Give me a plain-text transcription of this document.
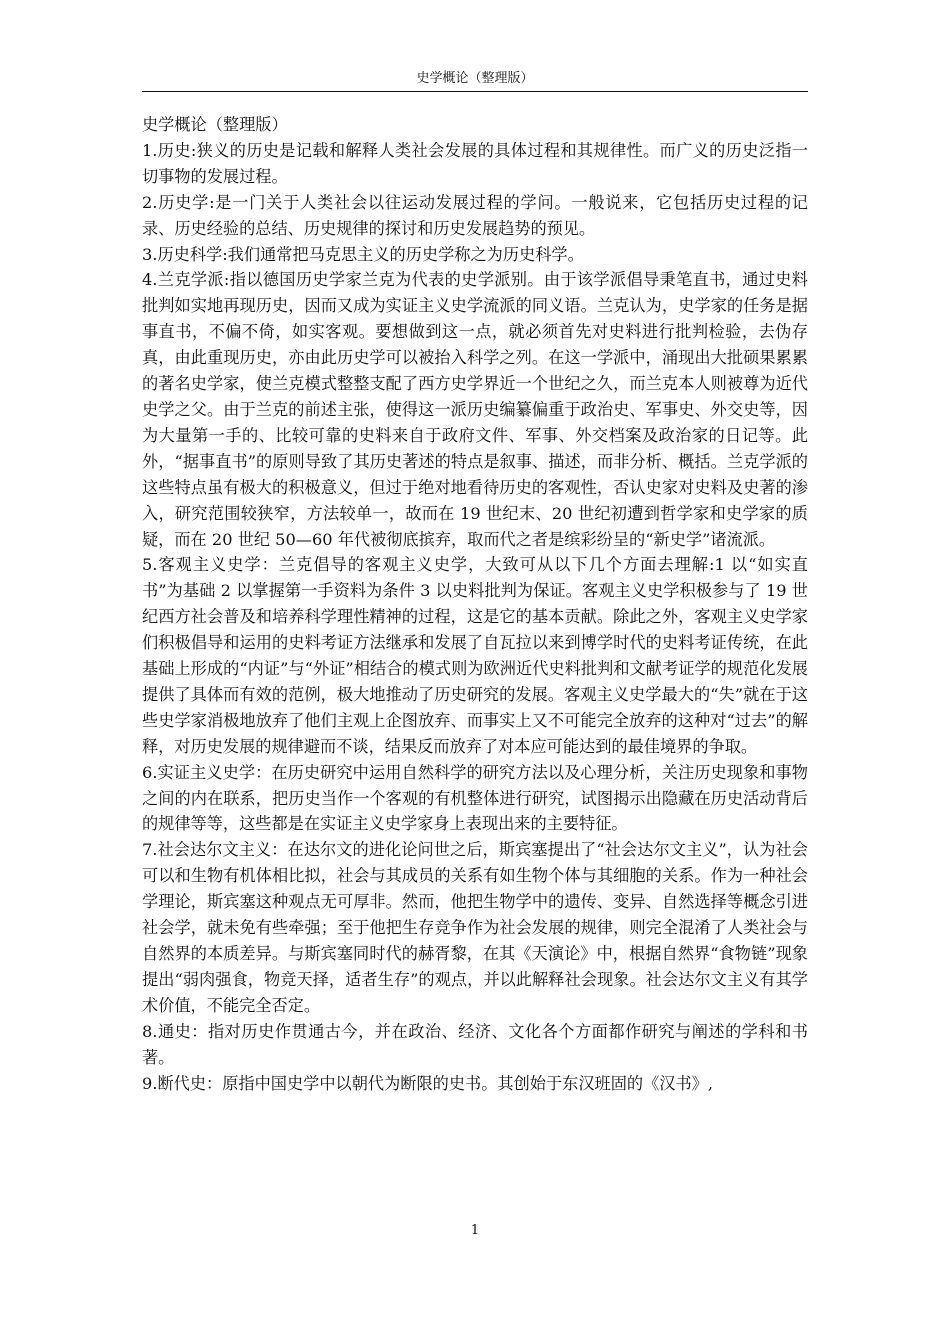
史学概论（整理版）

史学概论（整理版）

1.历史:狭义的历史是记载和解释人类社会发展的具体过程和其规律性。而广义的历史泛指一切事物的发展过程。

2.历史学:是一门关于人类社会以往运动发展过程的学问。一般说来，它包括历史过程的记录、历史经验的总结、历史规律的探讨和历史发展趋势的预见。

3.历史科学:我们通常把马克思主义的历史学称之为历史科学。

4.兰克学派:指以德国历史学家兰克为代表的史学派别。由于该学派倡导秉笔直书，通过史料批判如实地再现历史，因而又成为实证主义史学流派的同义语。兰克认为，史学家的任务是据事直书，不偏不倚，如实客观。要想做到这一点，就必须首先对史料进行批判检验，去伪存真，由此重现历史，亦由此历史学可以被抬入科学之列。在这一学派中，涌现出大批硕果累累的著名史学家，使兰克模式整整支配了西方史学界近一个世纪之久，而兰克本人则被尊为近代史学之父。由于兰克的前述主张，使得这一派历史编纂偏重于政治史、军事史、外交史等，因为大量第一手的、比较可靠的史料来自于政府文件、军事、外交档案及政治家的日记等。此外，“据事直书”的原则导致了其历史著述的特点是叙事、描述，而非分析、概括。兰克学派的这些特点虽有极大的积极意义，但过于绝对地看待历史的客观性，否认史家对史料及史著的渗入，研究范围较狭窄，方法较单一，故而在 19 世纪末、20 世纪初遭到哲学家和史学家的质疑，而在 20 世纪 50—60 年代被彻底摈弃，取而代之者是缤彩纷呈的“新史学”诸流派。

5.客观主义史学：兰克倡导的客观主义史学，大致可从以下几个方面去理解:1 以“如实直书”为基础 2 以掌握第一手资料为条件 3 以史料批判为保证。客观主义史学积极参与了 19 世纪西方社会普及和培养科学理性精神的过程，这是它的基本贡献。除此之外，客观主义史学家们积极倡导和运用的史料考证方法继承和发展了自瓦拉以来到博学时代的史料考证传统，在此基础上形成的“内证”与“外证”相结合的模式则为欧洲近代史料批判和文献考证学的规范化发展提供了具体而有效的范例，极大地推动了历史研究的发展。客观主义史学最大的“失”就在于这些史学家消极地放弃了他们主观上企图放弃、而事实上又不可能完全放弃的这种对“过去”的解释，对历史发展的规律避而不谈，结果反而放弃了对本应可能达到的最佳境界的争取。

6.实证主义史学：在历史研究中运用自然科学的研究方法以及心理分析，关注历史现象和事物之间的内在联系，把历史当作一个客观的有机整体进行研究，试图揭示出隐藏在历史活动背后的规律等等，这些都是在实证主义史学家身上表现出来的主要特征。

7.社会达尔文主义：在达尔文的进化论问世之后，斯宾塞提出了“社会达尔文主义”，认为社会可以和生物有机体相比拟，社会与其成员的关系有如生物个体与其细胞的关系。作为一种社会学理论，斯宾塞这种观点无可厚非。然而，他把生物学中的遗传、变异、自然选择等概念引进社会学，就未免有些牵强；至于他把生存竞争作为社会发展的规律，则完全混淆了人类社会与自然界的本质差异。与斯宾塞同时代的赫胥黎，在其《天演论》中，根据自然界“食物链”现象提出“弱肉强食，物竞天择，适者生存”的观点，并以此解释社会现象。社会达尔文主义有其学术价值，不能完全否定。

8.通史：指对历史作贯通古今，并在政治、经济、文化各个方面都作研究与阐述的学科和书著。

9.断代史：原指中国史学中以朝代为断限的史书。其创始于东汉班固的《汉书》,

1
